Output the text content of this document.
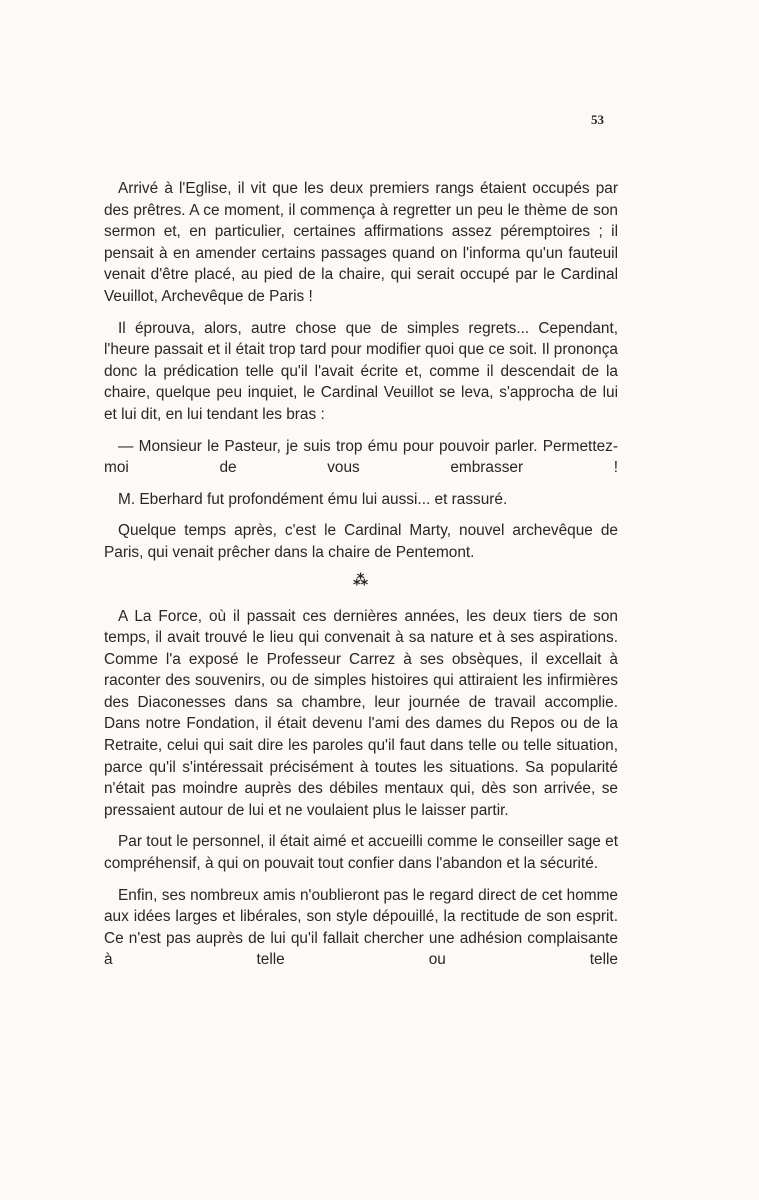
53

Arrivé à l'Eglise, il vit que les deux premiers rangs étaient occupés par des prêtres. A ce moment, il commença à regretter un peu le thème de son sermon et, en particulier, certaines affirmations assez péremptoires ; il pensait à en amender certains passages quand on l'informa qu'un fauteuil venait d'être placé, au pied de la chaire, qui serait occupé par le Cardinal Veuillot, Archevêque de Paris !

Il éprouva, alors, autre chose que de simples regrets... Cependant, l'heure passait et il était trop tard pour modifier quoi que ce soit. Il prononça donc la prédication telle qu'il l'avait écrite et, comme il descendait de la chaire, quelque peu inquiet, le Cardinal Veuillot se leva, s'approcha de lui et lui dit, en lui tendant les bras :

— Monsieur le Pasteur, je suis trop ému pour pouvoir parler. Permettez-moi de vous embrasser !

M. Eberhard fut profondément ému lui aussi... et rassuré.

Quelque temps après, c'est le Cardinal Marty, nouvel archevêque de Paris, qui venait prêcher dans la chaire de Pentemont.

⁂

A La Force, où il passait ces dernières années, les deux tiers de son temps, il avait trouvé le lieu qui convenait à sa nature et à ses aspirations. Comme l'a exposé le Professeur Carrez à ses obsèques, il excellait à raconter des souvenirs, ou de simples histoires qui attiraient les infirmières des Diaconesses dans sa chambre, leur journée de travail accomplie. Dans notre Fondation, il était devenu l'ami des dames du Repos ou de la Retraite, celui qui sait dire les paroles qu'il faut dans telle ou telle situation, parce qu'il s'intéressait précisément à toutes les situations. Sa popularité n'était pas moindre auprès des débiles mentaux qui, dès son arrivée, se pressaient autour de lui et ne voulaient plus le laisser partir.

Par tout le personnel, il était aimé et accueilli comme le conseiller sage et compréhensif, à qui on pouvait tout confier dans l'abandon et la sécurité.

Enfin, ses nombreux amis n'oublieront pas le regard direct de cet homme aux idées larges et libérales, son style dépouillé, la rectitude de son esprit. Ce n'est pas auprès de lui qu'il fallait chercher une adhésion complaisante à telle ou telle
